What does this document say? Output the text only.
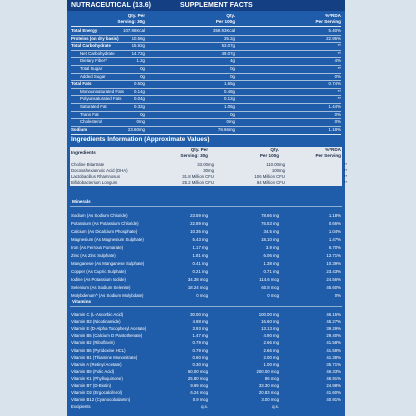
NUTRACEUTICAL (13.6)	SUPPLEMENT FACTS
Qty. Per
Serving: 30g
Qty.
Per 100g
%*RDA
Per Serving
Total Energy	107.98Kcal	359.93Kcal	5.40%
Proteins (on dry basis)	10.56g	35.2g	22.95%
Total Carbohydrate	15.92g	53.07g	**
Net Carbohydrate	14.72g	49.07g	**
Dietary Fiber^	1.2g	4g	4%
Total Sugar	0g	0g	**
Added Sugar	0g	0g	0%
Total Fats	0.50g	1.65g	0.74%
Monounsaturated Fats 0.14g	0.48g	**
Polyunsaturated Fats	0.04g	0.12g	**
Saturated Fat	0.32g	1.06g	1.44%
Trans Fat	0g	0g	0%
Cholesterol	0mg	0mg	0%
Sodium	23.60mg	78.66mg	1.18%
Ingredients Information (Approximate Values)
Ingredients
Qty. Per
Serving: 30g
Qty.
Per 100g
%*RDA
Per Serving
Choline Bitartrate	33.00mg	110.00mg	**
Docosahexaenoic Acid (DHA)	30mg	100mg	**
Lactobacillus Rhamnosus	31.8 Million CFU	106 Million CFU	**
Bifidobacterium Longum	25.2 Million CFU	84 Million CFU	**
Minerals
Sodium (As Sodium Chloride)	23.59 mg	78.66 mg	1.18%
Potassium (As Potassium Chloride)	22.89 mg	76.53 mg	0.66%
Calcium (As Dicalcium Phosphate)	10.35 mg	34.5 mg	1.04%
Magnesium (As Magnesium Sulphate)	5.43 mg	18.10 mg	1.47%
Iron (As Ferrous Fumarate)	1.17 mg	3.9 mg	6.70%
Zinc (As Zinc Sulphate)	1.81 mg	6.06 mg	13.71%
Manganese (As Manganese Sulphate)	0.41 mg	1.38 mg	10.39%
Copper (As Cupric Sulphate)	0.21 mg	0.71 mg	23.43%
Iodine (As Potassium Iodide)	34.38 mcg	114.6 mcg	24.56%
Selenium (As Sodium Selenite)	18.24 mcg	60.8 mcg	45.60%
Molybdenum^ (As Sodium Molybdate)	0 mcg	0 mcg	0%
Vitamins
Vitamin C (L-Ascorbic Acid)	30.00 mg	100.00 mg	46.15%
Vitamin B3 (Nicotinamide)	4.98 mg	16.60 mg	45.27%
Vitamin E (D-Alpha Tocopheryl Acetate)	3.93 mg	13.13 mg	39.29%
Vitamin B5 (Calcium D Pantothenate)	1.47 mg	4.90 mg	29.40%
Vitamin B2 (Riboflavin)	0.79 mg	2.66 mg	41.58%
Vitamin B6 (Pyridoxine HCL)	0.79 mg	2.66 mg	41.58%
Vitamin B1 (Thiamine Mononitrate)	0.60 mg	2.00 mg	41.38%
Vitamin A (Retinyl Acetate)	0.30 mg	1.00 mg	35.71%
Vitamin B9 (Folic Acid)	60.00 mcg	200.00 mcg	46.33%
Vitamin K1 (Phylloquinone)	25.80 mcg	86 mcg	46.91%
Vitamin B7 (D-Biotin)	9.99 mcg	33.30 mcg	24.98%
Vitamin D2 (Ergocalciferol)	6.24 mcg	20.83 mcg	41.60%
Vitamin B12 (Cyanocobalamin)	0.9 mcg	3.00 mcg	40.91%
Excipients	q.s.	q.s.
